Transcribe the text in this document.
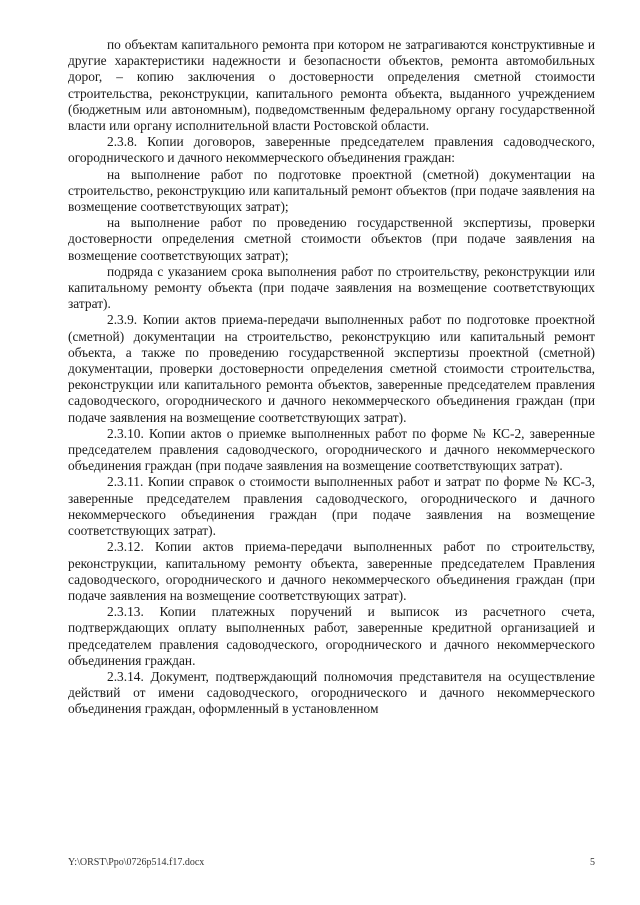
по объектам капитального ремонта при котором не затрагиваются конструктивные и другие характеристики надежности и безопасности объектов, ремонта автомобильных дорог, – копию заключения о достоверности определения сметной стоимости строительства, реконструкции, капитального ремонта объекта, выданного учреждением (бюджетным или автономным), подведомственным федеральному органу государственной власти или органу исполнительной власти Ростовской области.

2.3.8. Копии договоров, заверенные председателем правления садоводческого, огороднического и дачного некоммерческого объединения граждан:

на выполнение работ по подготовке проектной (сметной) документации на строительство, реконструкцию или капитальный ремонт объектов (при подаче заявления на возмещение соответствующих затрат);

на выполнение работ по проведению государственной экспертизы, проверки достоверности определения сметной стоимости объектов (при подаче заявления на возмещение соответствующих затрат);

подряда с указанием срока выполнения работ по строительству, реконструкции или капитальному ремонту объекта (при подаче заявления на возмещение соответствующих затрат).

2.3.9. Копии актов приема-передачи выполненных работ по подготовке проектной (сметной) документации на строительство, реконструкцию или капитальный ремонт объекта, а также по проведению государственной экспертизы проектной (сметной) документации, проверки достоверности определения сметной стоимости строительства, реконструкции или капитального ремонта объектов, заверенные председателем правления садоводческого, огороднического и дачного некоммерческого объединения граждан (при подаче заявления на возмещение соответствующих затрат).

2.3.10. Копии актов о приемке выполненных работ по форме № КС-2, заверенные председателем правления садоводческого, огороднического и дачного некоммерческого объединения граждан (при подаче заявления на возмещение соответствующих затрат).

2.3.11. Копии справок о стоимости выполненных работ и затрат по форме № КС-3, заверенные председателем правления садоводческого, огороднического и дачного некоммерческого объединения граждан (при подаче заявления на возмещение соответствующих затрат).

2.3.12. Копии актов приема-передачи выполненных работ по строительству, реконструкции, капитальному ремонту объекта, заверенные председателем Правления садоводческого, огороднического и дачного некоммерческого объединения граждан (при подаче заявления на возмещение соответствующих затрат).

2.3.13. Копии платежных поручений и выписок из расчетного счета, подтверждающих оплату выполненных работ, заверенные кредитной организацией и председателем правления садоводческого, огороднического и дачного некоммерческого объединения граждан.

2.3.14. Документ, подтверждающий полномочия представителя на осуществление действий от имени садоводческого, огороднического и дачного некоммерческого объединения граждан, оформленный в установленном

Y:\ORST\Ppo\0726p514.f17.docx	5
